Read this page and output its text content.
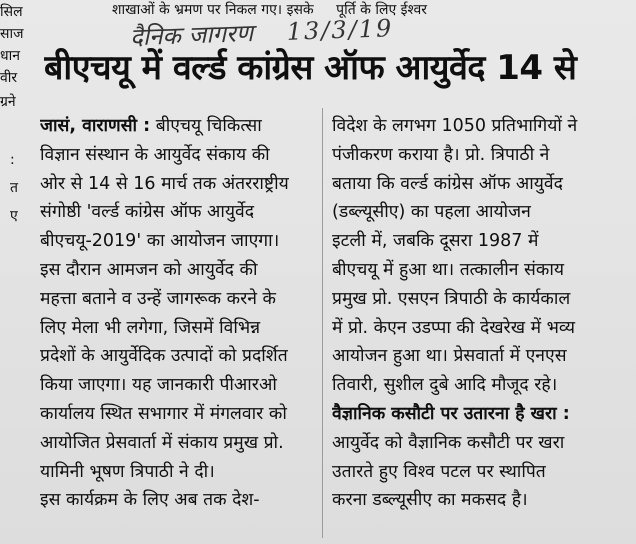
शाखाओं के भ्रमण पर निकल गए। इसके पूर्ति के लिए ईश्वर
दैनिक जागरण 13/3/19
सिल
साज
धान
वीर
ग्रने
:
त
ए
बीएचयू में वर्ल्ड कांग्रेस ऑफ आयुर्वेद 14 से
जासं, वाराणसी : बीएचयू चिकित्सा
विज्ञान संस्थान के आयुर्वेद संकाय की
ओर से 14 से 16 मार्च तक अंतरराष्ट्रीय
संगोष्ठी 'वर्ल्ड कांग्रेस ऑफ आयुर्वेद
बीएचयू-2019' का आयोजन जाएगा।
इस दौरान आमजन को आयुर्वेद की
महत्ता बताने व उन्हें जागरूक करने के
लिए मेला भी लगेगा, जिसमें विभिन्न
प्रदेशों के आयुर्वेदिक उत्पादों को प्रदर्शित
किया जाएगा। यह जानकारी पीआरओ
कार्यालय स्थित सभागार में मंगलवार को
आयोजित प्रेसवार्ता में संकाय प्रमुख प्रो.
यामिनी भूषण त्रिपाठी ने दी।
इस कार्यक्रम के लिए अब तक देश-
विदेश के लगभग 1050 प्रतिभागियों ने
पंजीकरण कराया है। प्रो. त्रिपाठी ने
बताया कि वर्ल्ड कांग्रेस ऑफ आयुर्वेद
(डब्ल्यूसीए) का पहला आयोजन
इटली में, जबकि दूसरा 1987 में
बीएचयू में हुआ था। तत्कालीन संकाय
प्रमुख प्रो. एसएन त्रिपाठी के कार्यकाल
में प्रो. केएन उडप्पा की देखरेख में भव्य
आयोजन हुआ था। प्रेसवार्ता में एनएस
तिवारी, सुशील दुबे आदि मौजूद रहे।
वैज्ञानिक कसौटी पर उतारना है खरा :
आयुर्वेद को वैज्ञानिक कसौटी पर खरा
उतारते हुए विश्व पटल पर स्थापित
करना डब्ल्यूसीए का मकसद है।
